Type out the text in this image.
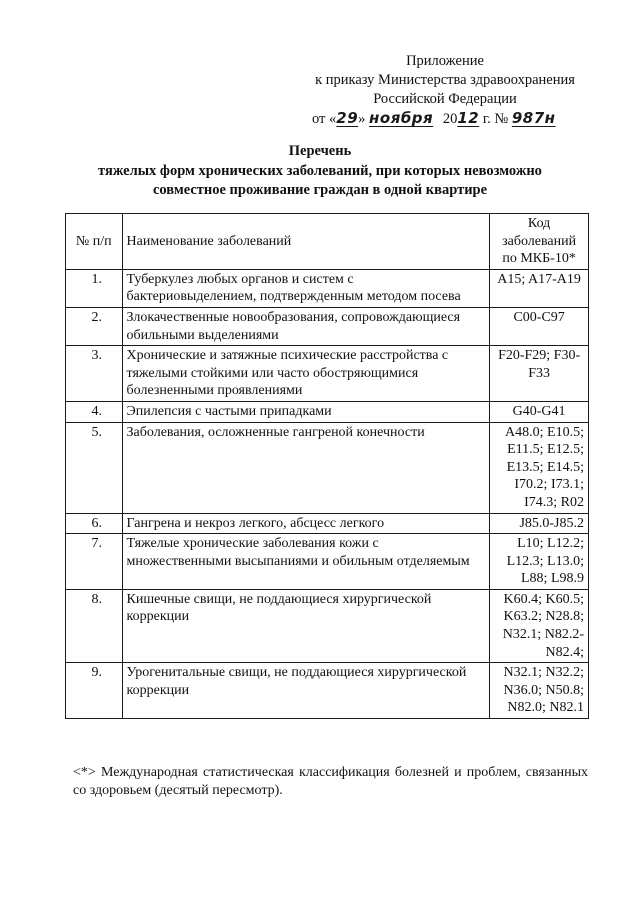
Приложение
к приказу Министерства здравоохранения
Российской Федерации
от «29» ноября 2012 г. № 987н
Перечень
тяжелых форм хронических заболеваний, при которых невозможно
совместное проживание граждан в одной квартире
№ п/п	Наименование заболеваний	Код
заболеваний
по МКБ-10*

1.	Туберкулез любых органов и систем с бактериовыделением, подтвержденным методом посева	A15; A17-A19
2.	Злокачественные новообразования, сопровождающиеся обильными выделениями	C00-C97
3.	Хронические и затяжные психические расстройства с тяжелыми стойкими или часто обостряющимися болезненными проявлениями	F20-F29; F30-F33
4.	Эпилепсия с частыми припадками	G40-G41
5.	Заболевания, осложненные гангреной конечности	A48.0; E10.5; E11.5; E12.5; E13.5; E14.5; I70.2; I73.1; I74.3; R02
6.	Гангрена и некроз легкого, абсцесс легкого	J85.0-J85.2
7.	Тяжелые хронические заболевания кожи с множественными высыпаниями и обильным отделяемым	L10; L12.2; L12.3; L13.0; L88; L98.9
8.	Кишечные свищи, не поддающиеся хирургической коррекции	K60.4; K60.5; K63.2; N28.8; N32.1; N82.2-N82.4;
9.	Урогенитальные свищи, не поддающиеся хирургической коррекции	N32.1; N32.2; N36.0; N50.8; N82.0; N82.1
<*> Международная статистическая классификация болезней и проблем, связанных со здоровьем (десятый пересмотр).
